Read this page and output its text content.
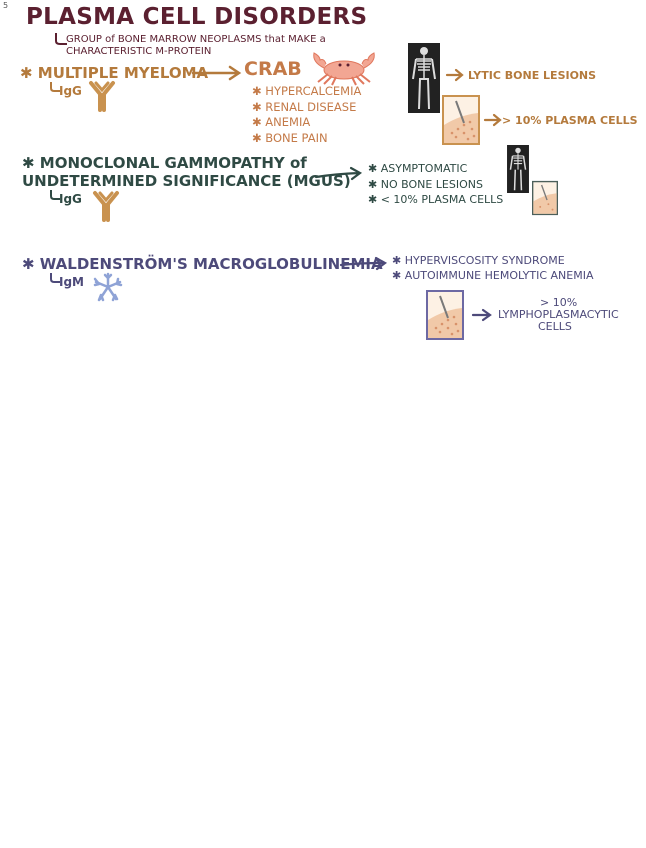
5 PLASMA CELL DISORDERS
GROUP of BONE MARROW NEOPLASMS that MAKE a
CHARACTERISTIC M-PROTEIN
✱ MULTIPLE MYELOMA
IgG
CRAB
✱ HYPERCALCEMIA
✱ RENAL DISEASE
✱ ANEMIA
✱ BONE PAIN
LYTIC BONE LESIONS
> 10% PLASMA CELLS
✱ MONOCLONAL GAMMOPATHY of
UNDETERMINED SIGNIFICANCE (MGUS)
IgG
✱ ASYMPTOMATIC
✱ NO BONE LESIONS
✱ < 10% PLASMA CELLS
✱ WALDENSTRÖM'S MACROGLOBULINEMIA
IgM
✱ HYPERVISCOSITY SYNDROME
✱ AUTOIMMUNE HEMOLYTIC ANEMIA
> 10%
LYMPHOPLASMACYTIC
CELLS
